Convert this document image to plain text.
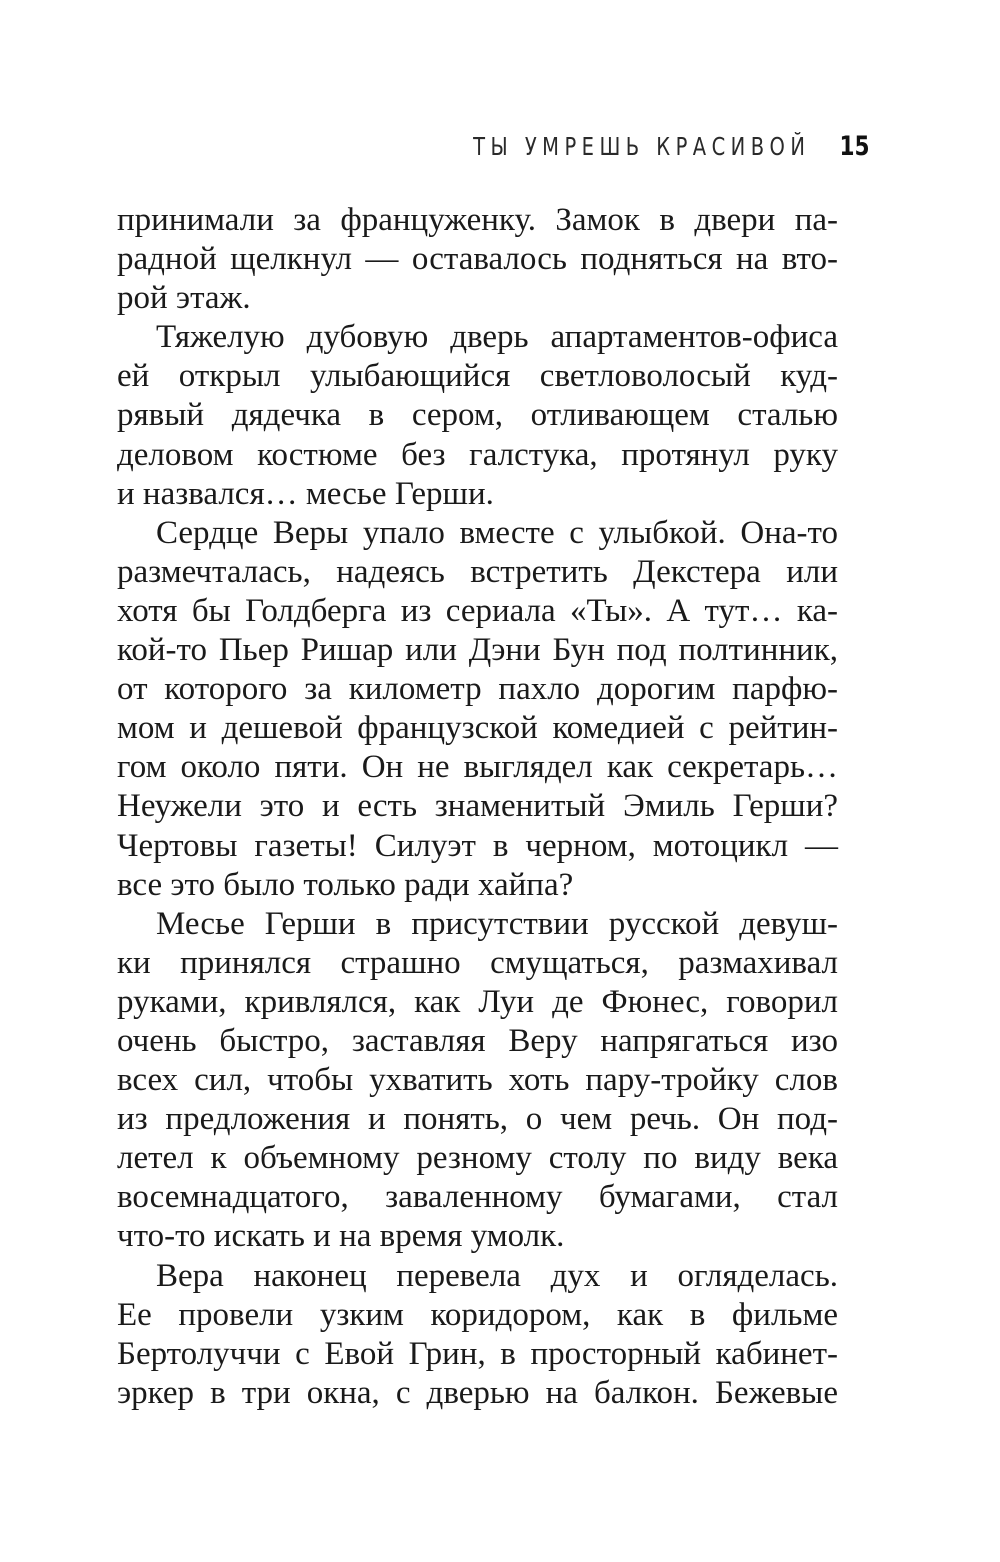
ТЫ УМРЕШЬ КРАСИВОЙ 15
принимали за француженку. Замок в двери па-
радной щелкнул — оставалось подняться на вто-
рой этаж.
Тяжелую дубовую дверь апартаментов-офиса
ей открыл улыбающийся светловолосый куд-
рявый дядечка в сером, отливающем сталью
деловом костюме без галстука, протянул руку
и назвался… месье Герши.
Сердце Веры упало вместе с улыбкой. Она-то
размечталась, надеясь встретить Декстера или
хотя бы Голдберга из сериала «Ты». А тут… ка-
кой-то Пьер Ришар или Дэни Бун под полтинник,
от которого за километр пахло дорогим парфю-
мом и дешевой французской комедией с рейтин-
гом около пяти. Он не выглядел как секретарь…
Неужели это и есть знаменитый Эмиль Герши?
Чертовы газеты! Силуэт в черном, мотоцикл —
все это было только ради хайпа?
Месье Герши в присутствии русской девуш-
ки принялся страшно смущаться, размахивал
руками, кривлялся, как Луи де Фюнес, говорил
очень быстро, заставляя Веру напрягаться изо
всех сил, чтобы ухватить хоть пару-тройку слов
из предложения и понять, о чем речь. Он под-
летел к объемному резному столу по виду века
восемнадцатого, заваленному бумагами, стал
что-то искать и на время умолк.
Вера наконец перевела дух и огляделась.
Ее провели узким коридором, как в фильме
Бертолуччи с Евой Грин, в просторный кабинет-
эркер в три окна, с дверью на балкон. Бежевые
